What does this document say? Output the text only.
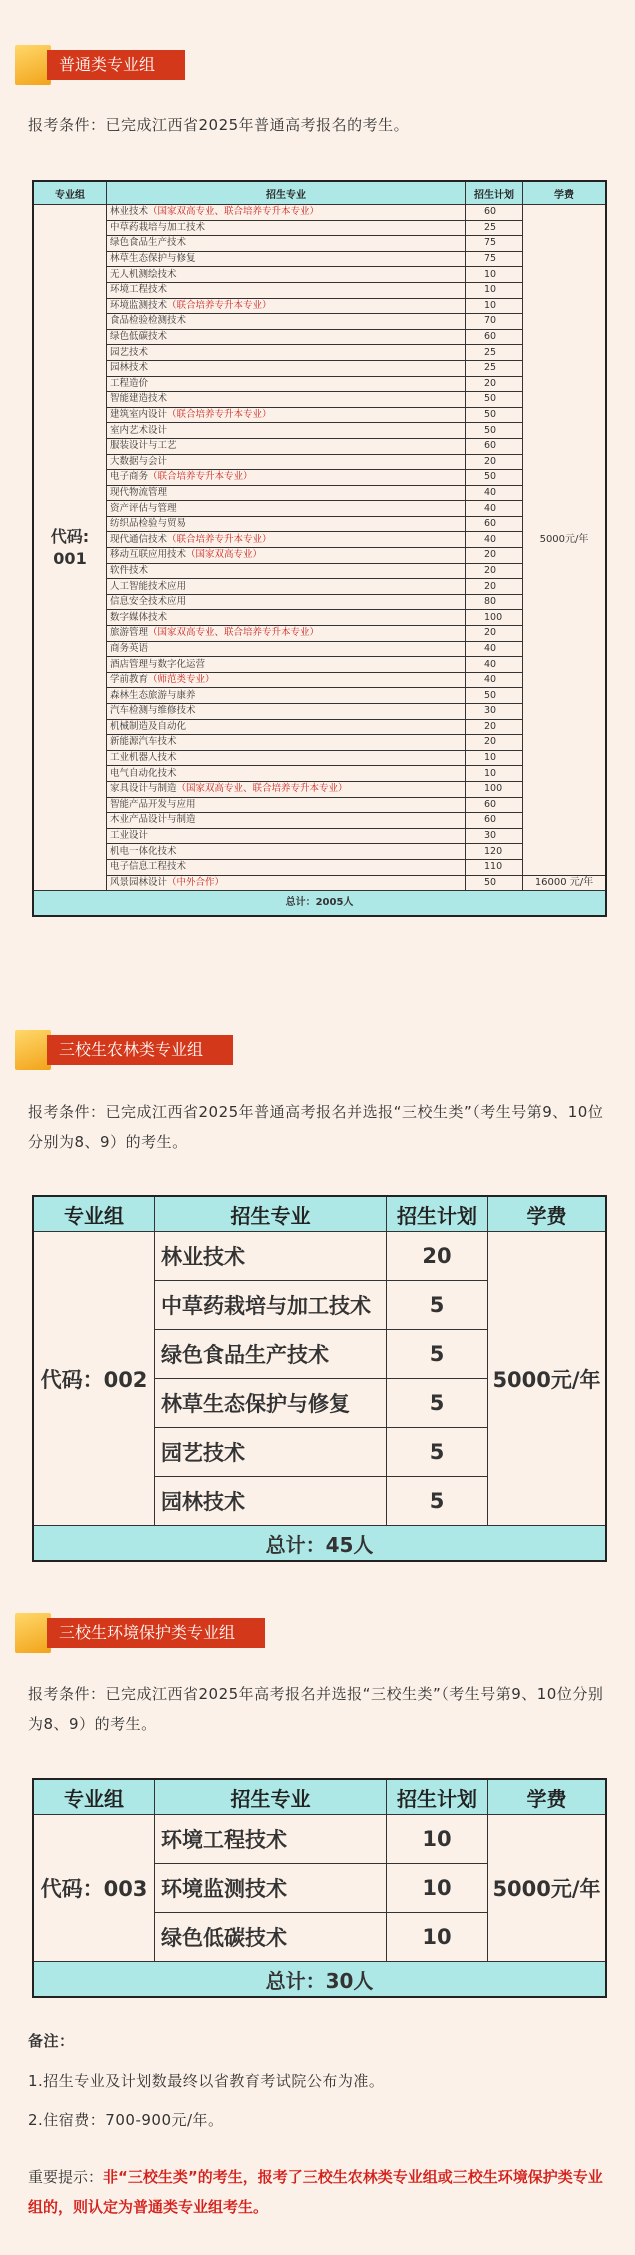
普通类专业组
报考条件：已完成江西省2025年普通高考报名的考生。
专业组	招生专业	招生计划	学费

代码:
001	林业技术（国家双高专业、联合培养专升本专业）	60	5000元/年
	中草药栽培与加工技术	25	
	绿色食品生产技术	75	
	林草生态保护与修复	75	
	无人机测绘技术	10	
	环境工程技术	10	
	环境监测技术（联合培养专升本专业）	10	
	食品检验检测技术	70	
	绿色低碳技术	60	
	园艺技术	25	
	园林技术	25	
	工程造价	20	
	智能建造技术	50	
	建筑室内设计（联合培养专升本专业）	50	
	室内艺术设计	50	
	服装设计与工艺	60	
	大数据与会计	20	
	电子商务（联合培养专升本专业）	50	
	现代物流管理	40	
	资产评估与管理	40	
	纺织品检验与贸易	60	
	现代通信技术（联合培养专升本专业）	40	
	移动互联应用技术（国家双高专业）	20	
	软件技术	20	
	人工智能技术应用	20	
	信息安全技术应用	80	
	数字媒体技术	100	
	旅游管理（国家双高专业、联合培养专升本专业）	20	
	商务英语	40	
	酒店管理与数字化运营	40	
	学前教育（师范类专业）	40	
	森林生态旅游与康养	50	
	汽车检测与维修技术	30	
	机械制造及自动化	20	
	新能源汽车技术	20	
	工业机器人技术	10	
	电气自动化技术	10	
	家具设计与制造（国家双高专业、联合培养专升本专业）	100	
	智能产品开发与应用	60	
	木业产品设计与制造	60	
	工业设计	30	
	机电一体化技术	120	
	电子信息工程技术	110	
	风景园林设计（中外合作）	50	16000 元/年
总计：2005人			
三校生农林类专业组
报考条件：已完成江西省2025年普通高考报名并选报“三校生类”（考生号第9、10位分别为8、9）的考生。
专业组	招生专业	招生计划	学费
代码：002	林业技术	20	5000元/年
	中草药栽培与加工技术	5	
	绿色食品生产技术	5	
	林草生态保护与修复	5	
	园艺技术	5	
	园林技术	5	
总计：45人			
三校生环境保护类专业组
报考条件：已完成江西省2025年高考报名并选报“三校生类”（考生号第9、10位分别为8、9）的考生。
专业组	招生专业	招生计划	学费
代码：003	环境工程技术	10	5000元/年
	环境监测技术	10	
	绿色低碳技术	10	
总计：30人			
备注：
1.招生专业及计划数最终以省教育考试院公布为准。
2.住宿费：700-900元/年。
重要提示：非“三校生类”的考生，报考了三校生农林类专业组或三校生环境保护类专业组的，则认定为普通类专业组考生。
